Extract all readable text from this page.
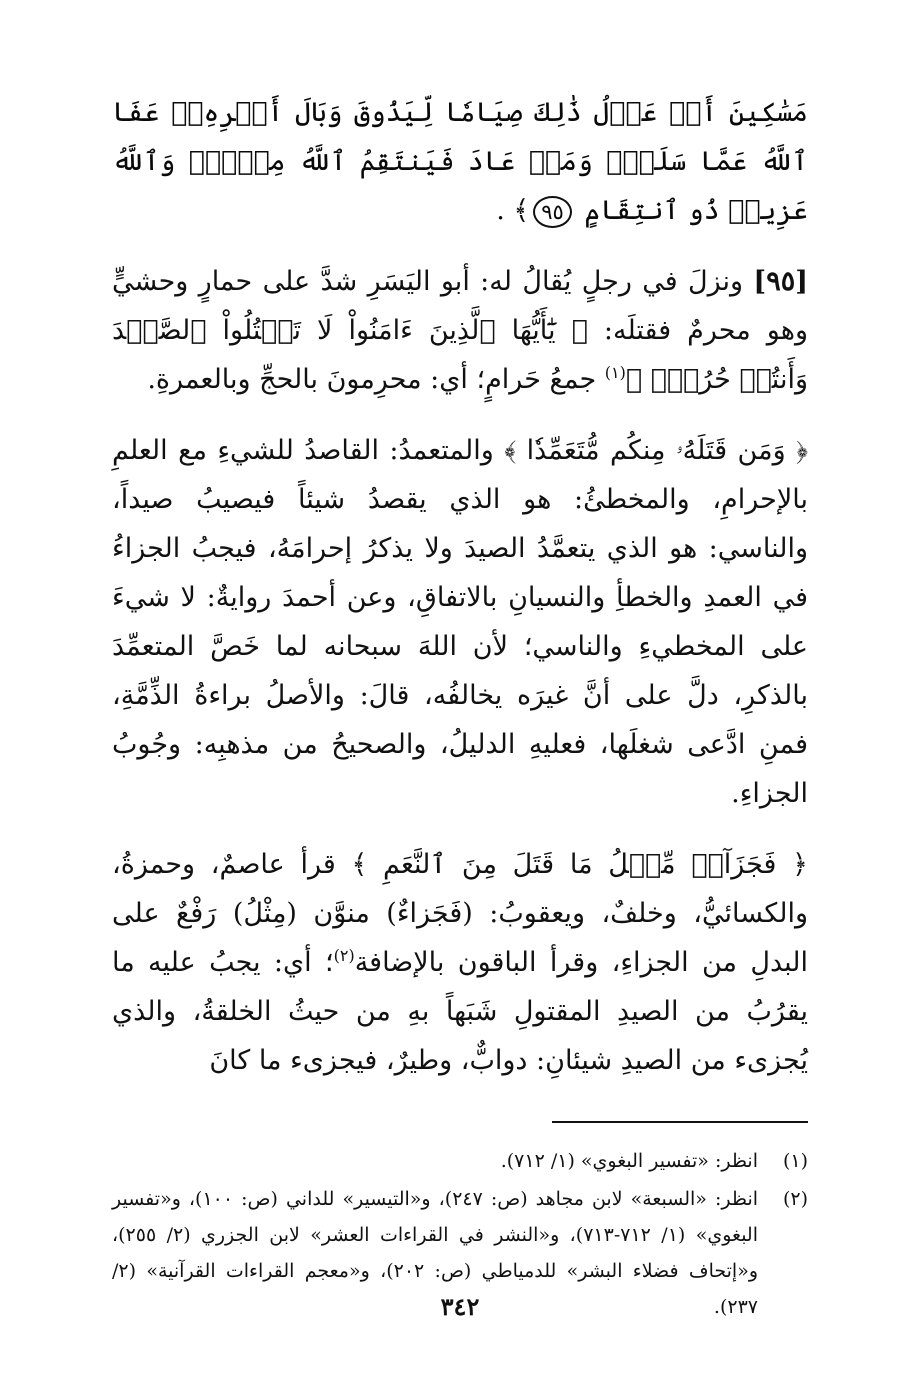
مَسَٰكِينَ أَوۡ عَدۡلُ ذَٰلِكَ صِيَامٗا لِّيَذُوقَ وَبَالَ أَمۡرِهِۦۗ عَفَا ٱللَّهُ عَمَّا سَلَفَۚ وَمَنۡ عَادَ فَيَنتَقِمُ ٱللَّهُ مِنۡهُۚ وَٱللَّهُ عَزِيزٞ ذُو ٱنتِقَامٍ ٩٥﴾ .

[٩٥] ونزلَ في رجلٍ يُقالُ له: أبو اليَسَرِ شدَّ على حمارٍ وحشيٍّ وهو محرمٌ فقتلَه: ﴿ يَٰٓأَيُّهَا ٱلَّذِينَ ءَامَنُواْ لَا تَقۡتُلُواْ ٱلصَّيۡدَ وَأَنتُمۡ حُرُمٞۚ ﴾$^{(١)}$ جمعُ حَرامٍ؛ أي: محرِمونَ بالحجِّ وبالعمرةِ.

﴿ وَمَن قَتَلَهُۥ مِنكُم مُّتَعَمِّدٗا ﴾ والمتعمدُ: القاصدُ للشيءِ مع العلمِ بالإحرامِ، والمخطئُ: هو الذي يقصدُ شيئاً فيصيبُ صيداً، والناسي: هو الذي يتعمَّدُ الصيدَ ولا يذكرُ إحرامَهُ، فيجبُ الجزاءُ في العمدِ والخطأِ والنسيانِ بالاتفاقِ، وعن أحمدَ روايةٌ: لا شيءَ على المخطيءِ والناسي؛ لأن اللهَ سبحانه لما خَصَّ المتعمِّدَ بالذكرِ، دلَّ على أنَّ غيرَه يخالفُه، قالَ: والأصلُ براءةُ الذِّمَّةِ، فمنِ ادَّعى شغلَها، فعليهِ الدليلُ، والصحيحُ من مذهبِه: وجُوبُ الجزاءِ.

﴿ فَجَزَآءٞ مِّثۡلُ مَا قَتَلَ مِنَ ٱلنَّعَمِ ﴾ قرأ عاصمٌ، وحمزةُ، والكسائيُّ، وخلفٌ، ويعقوبُ: (فَجَزاءٌ) منوَّن (مِثْلُ) رَفْعٌ على البدلِ من الجزاءِ، وقرأ الباقون بالإضافة$^{(٢)}$؛ أي: يجبُ عليه ما يقرُبُ من الصيدِ المقتولِ شَبَهاً بهِ من حيثُ الخلقةُ، والذي يُجزىء من الصيدِ شيئانِ: دوابٌّ، وطيرٌ، فيجزىء ما كانَ

(١)
انظر: «تفسير البغوي» (١/ ٧١٢).
(٢)
انظر: «السبعة» لابن مجاهد (ص: ٢٤٧)، و«التيسير» للداني (ص: ١٠٠)، و«تفسير البغوي» (١/ ٧١٢-٧١٣)، و«النشر في القراءات العشر» لابن الجزري (٢/ ٢٥٥)، و«إتحاف فضلاء البشر» للدمياطي (ص: ٢٠٢)، و«معجم القراءات القرآنية» (٢/ ٢٣٧).
٣٤٢
